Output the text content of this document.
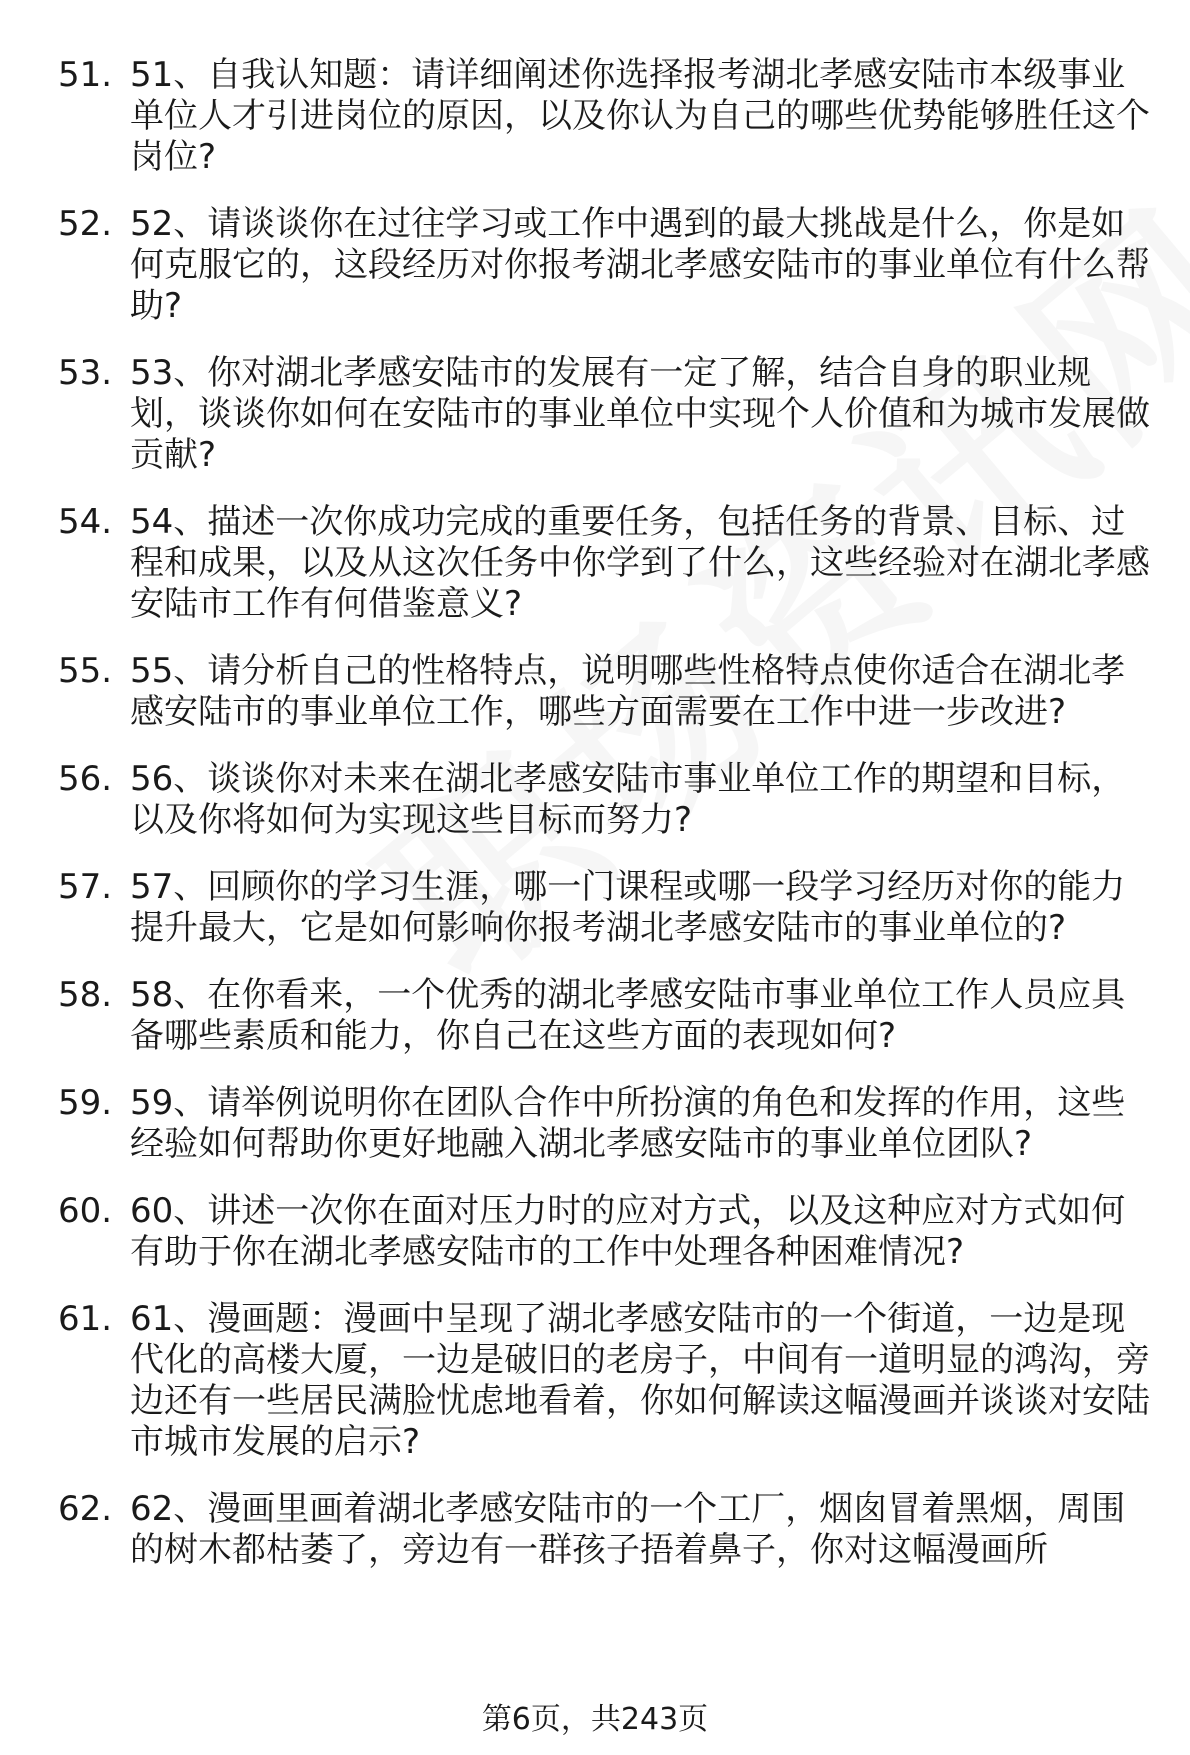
51. 51、自我认知题：请详细阐述你选择报考湖北孝感安陆市本级事业单位人才引进岗位的原因，以及你认为自己的哪些优势能够胜任这个岗位?
52. 52、请谈谈你在过往学习或工作中遇到的最大挑战是什么，你是如何克服它的，这段经历对你报考湖北孝感安陆市的事业单位有什么帮助?
53. 53、你对湖北孝感安陆市的发展有一定了解，结合自身的职业规划，谈谈你如何在安陆市的事业单位中实现个人价值和为城市发展做贡献?
54. 54、描述一次你成功完成的重要任务，包括任务的背景、目标、过程和成果，以及从这次任务中你学到了什么，这些经验对在湖北孝感安陆市工作有何借鉴意义?
55. 55、请分析自己的性格特点，说明哪些性格特点使你适合在湖北孝感安陆市的事业单位工作，哪些方面需要在工作中进一步改进?
56. 56、谈谈你对未来在湖北孝感安陆市事业单位工作的期望和目标，以及你将如何为实现这些目标而努力?
57. 57、回顾你的学习生涯，哪一门课程或哪一段学习经历对你的能力提升最大，它是如何影响你报考湖北孝感安陆市的事业单位的?
58. 58、在你看来，一个优秀的湖北孝感安陆市事业单位工作人员应具备哪些素质和能力，你自己在这些方面的表现如何?
59. 59、请举例说明你在团队合作中所扮演的角色和发挥的作用，这些经验如何帮助你更好地融入湖北孝感安陆市的事业单位团队?
60. 60、讲述一次你在面对压力时的应对方式，以及这种应对方式如何有助于你在湖北孝感安陆市的工作中处理各种困难情况?
61. 61、漫画题：漫画中呈现了湖北孝感安陆市的一个街道，一边是现代化的高楼大厦，一边是破旧的老房子，中间有一道明显的鸿沟，旁边还有一些居民满脸忧虑地看着，你如何解读这幅漫画并谈谈对安陆市城市发展的启示?
62. 62、漫画里画着湖北孝感安陆市的一个工厂，烟囱冒着黑烟，周围的树木都枯萎了，旁边有一群孩子捂着鼻子，你对这幅漫画所
第6页，共243页
